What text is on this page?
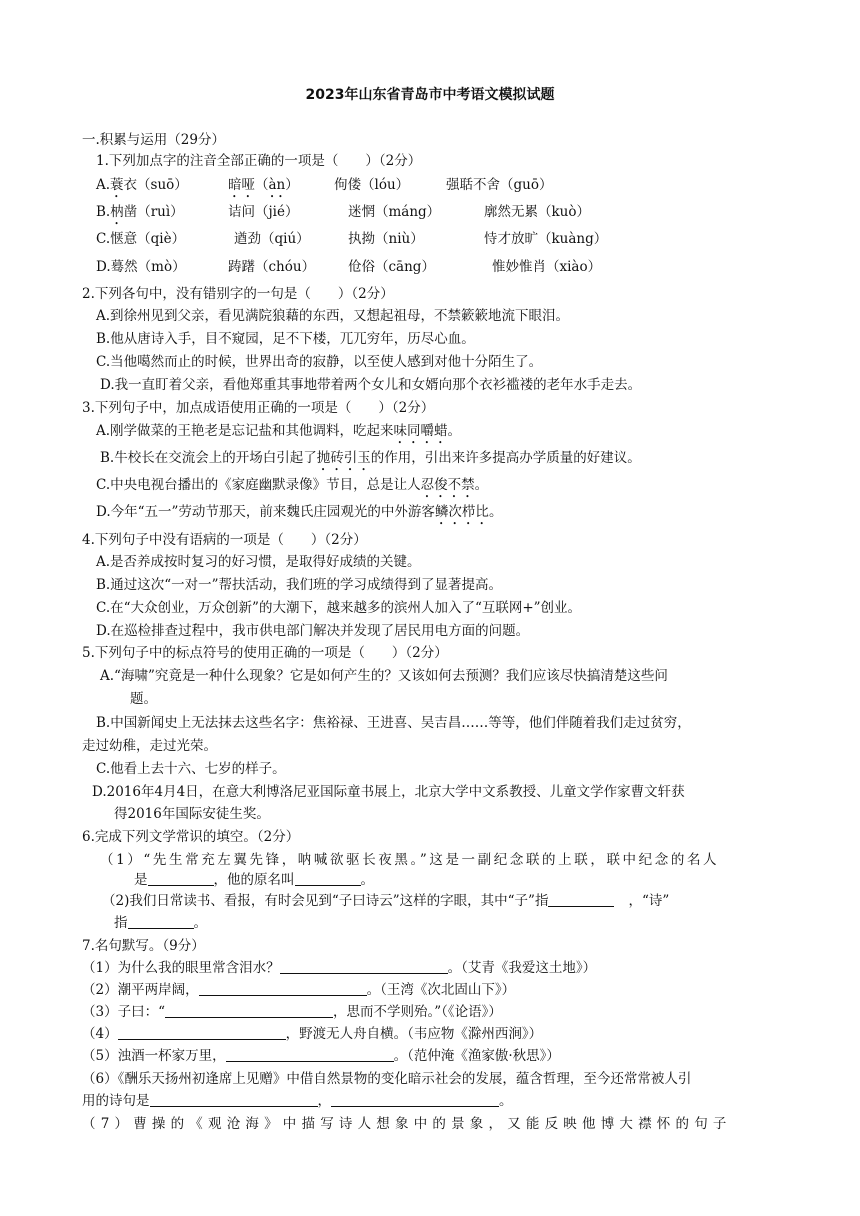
2023年山东省青岛市中考语文模拟试题
一.积累与运用（29分）
1.下列加点字的注音全部正确的一项是（　　）（2分）
A.蓑衣（suō）	暗哑（àn）	佝偻（lóu）	强聒不舍（guō）
B.枘凿（ruì）	诘问（jié）	迷惘（máng）	廓然无累（kuò）
C.惬意（qiè）	遒劲（qiú）	执拗（niù）	恃才放旷（kuàng）
D.蓦然（mò）	踌躇（chóu） 伧俗（cāng）	惟妙惟肖（xiào）
2.下列各句中，没有错别字的一句是（　　）（2分）
A.到徐州见到父亲，看见满院狼藉的东西，又想起祖母，不禁簌簌地流下眼泪。
B.他从唐诗入手，目不窥园，足不下楼，兀兀穷年，历尽心血。
C.当他噶然而止的时候，世界出奇的寂静，以至使人感到对他十分陌生了。
D.我一直盯着父亲，看他郑重其事地带着两个女儿和女婿向那个衣衫褴褛的老年水手走去。
3.下列句子中，加点成语使用正确的一项是（　　）（2分）
A.刚学做菜的王艳老是忘记盐和其他调料，吃起来味同嚼蜡。
B.牛校长在交流会上的开场白引起了抛砖引玉的作用，引出来许多提高办学质量的好建议。
C.中央电视台播出的《家庭幽默录像》节目，总是让人忍俊不禁。
D.今年“五一”劳动节那天，前来魏氏庄园观光的中外游客鳞次栉比。
4.下列句子中没有语病的一项是（　　）（2分）
A.是否养成按时复习的好习惯，是取得好成绩的关键。
B.通过这次“一对一”帮扶活动，我们班的学习成绩得到了显著提高。
C.在“大众创业，万众创新”的大潮下，越来越多的滨州人加入了“互联网+”创业。
D.在巡检排查过程中，我市供电部门解决并发现了居民用电方面的问题。
5.下列句子中的标点符号的使用正确的一项是（　　）（2分）
A.“海啸”究竟是一种什么现象？它是如何产生的？又该如何去预测？我们应该尽快搞清楚这些问
题。
B.中国新闻史上无法抹去这些名字：焦裕禄、王进喜、吴吉昌……等等，他们伴随着我们走过贫穷，
走过幼稚，走过光荣。
C.他看上去十六、七岁的样子。
D.2016年4月4日，在意大利博洛尼亚国际童书展上，北京大学中文系教授、儿童文学作家曹文轩获
得2016年国际安徒生奖。
6.完成下列文学常识的填空。（2分）
（1）“先生常充左翼先锋，呐喊欲驱长夜黑。”这是一副纪念联的上联，联中纪念的名人
是	，他的原名叫	。
（2)我们日常读书、看报，有时会见到“子曰诗云”这样的字眼，其中“子”指	，“诗”
指	。
7.名句默写。（9分）
（1）为什么我的眼里常含泪水？	。（艾青《我爱这土地》）
（2）潮平两岸阔，	。（王湾《次北固山下》）
（3）子曰：“	，思而不学则殆。”（《论语》）
（4）	，野渡无人舟自横。（韦应物《滁州西涧》）
（5）浊酒一杯家万里，	。（范仲淹《渔家傲·秋思》）
（6）《酬乐天扬州初逢席上见赠》中借自然景物的变化暗示社会的发展，蕴含哲理，至今还常常被人引
用的诗句是	，	。
（7）曹操的《观沧海》中描写诗人想象中的景象，又能反映他博大襟怀的句子
